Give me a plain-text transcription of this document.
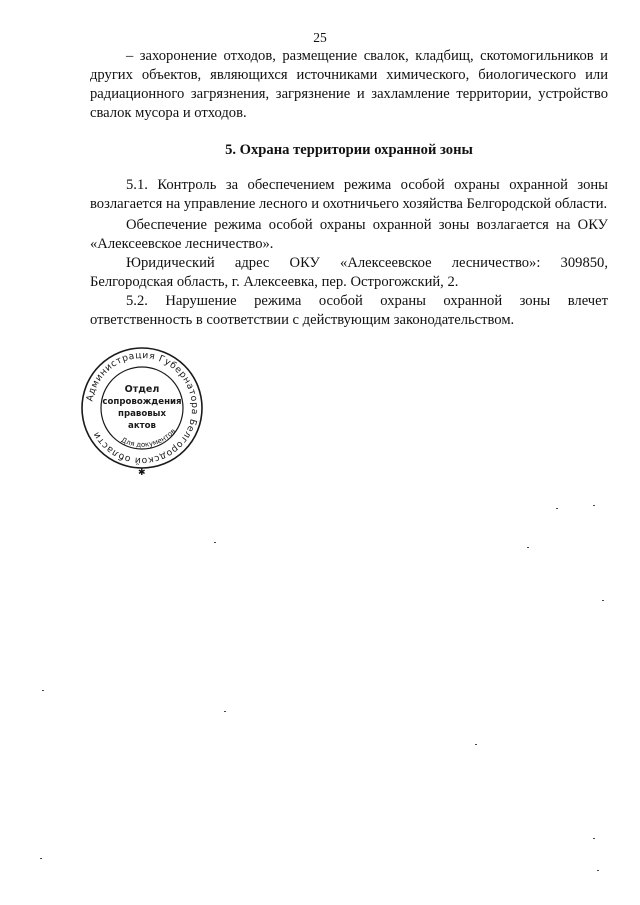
25

– захоронение отходов, размещение свалок, кладбищ, скотомогильников и других объектов, являющихся источниками химического, биологического или радиационного загрязнения, загрязнение и захламление территории, устройство свалок мусора и отходов.

5. Охрана территории охранной зоны

5.1. Контроль за обеспечением режима особой охраны охранной зоны возлагается на управление лесного и охотничьего хозяйства Белгородской области.

Обеспечение режима особой охраны охранной зоны возлагается на ОКУ «Алексеевское лесничество».

Юридический адрес ОКУ «Алексеевское лесничество»: 309850, Белгородская область, г. Алексеевка, пер. Острогожский, 2.

5.2. Нарушение режима особой охраны охранной зоны влечет ответственность в соответствии с действующим законодательством.

Администрация Губернатора Белгородской области
Для документов
Отдел
сопровождения
правовых
актов
✱
